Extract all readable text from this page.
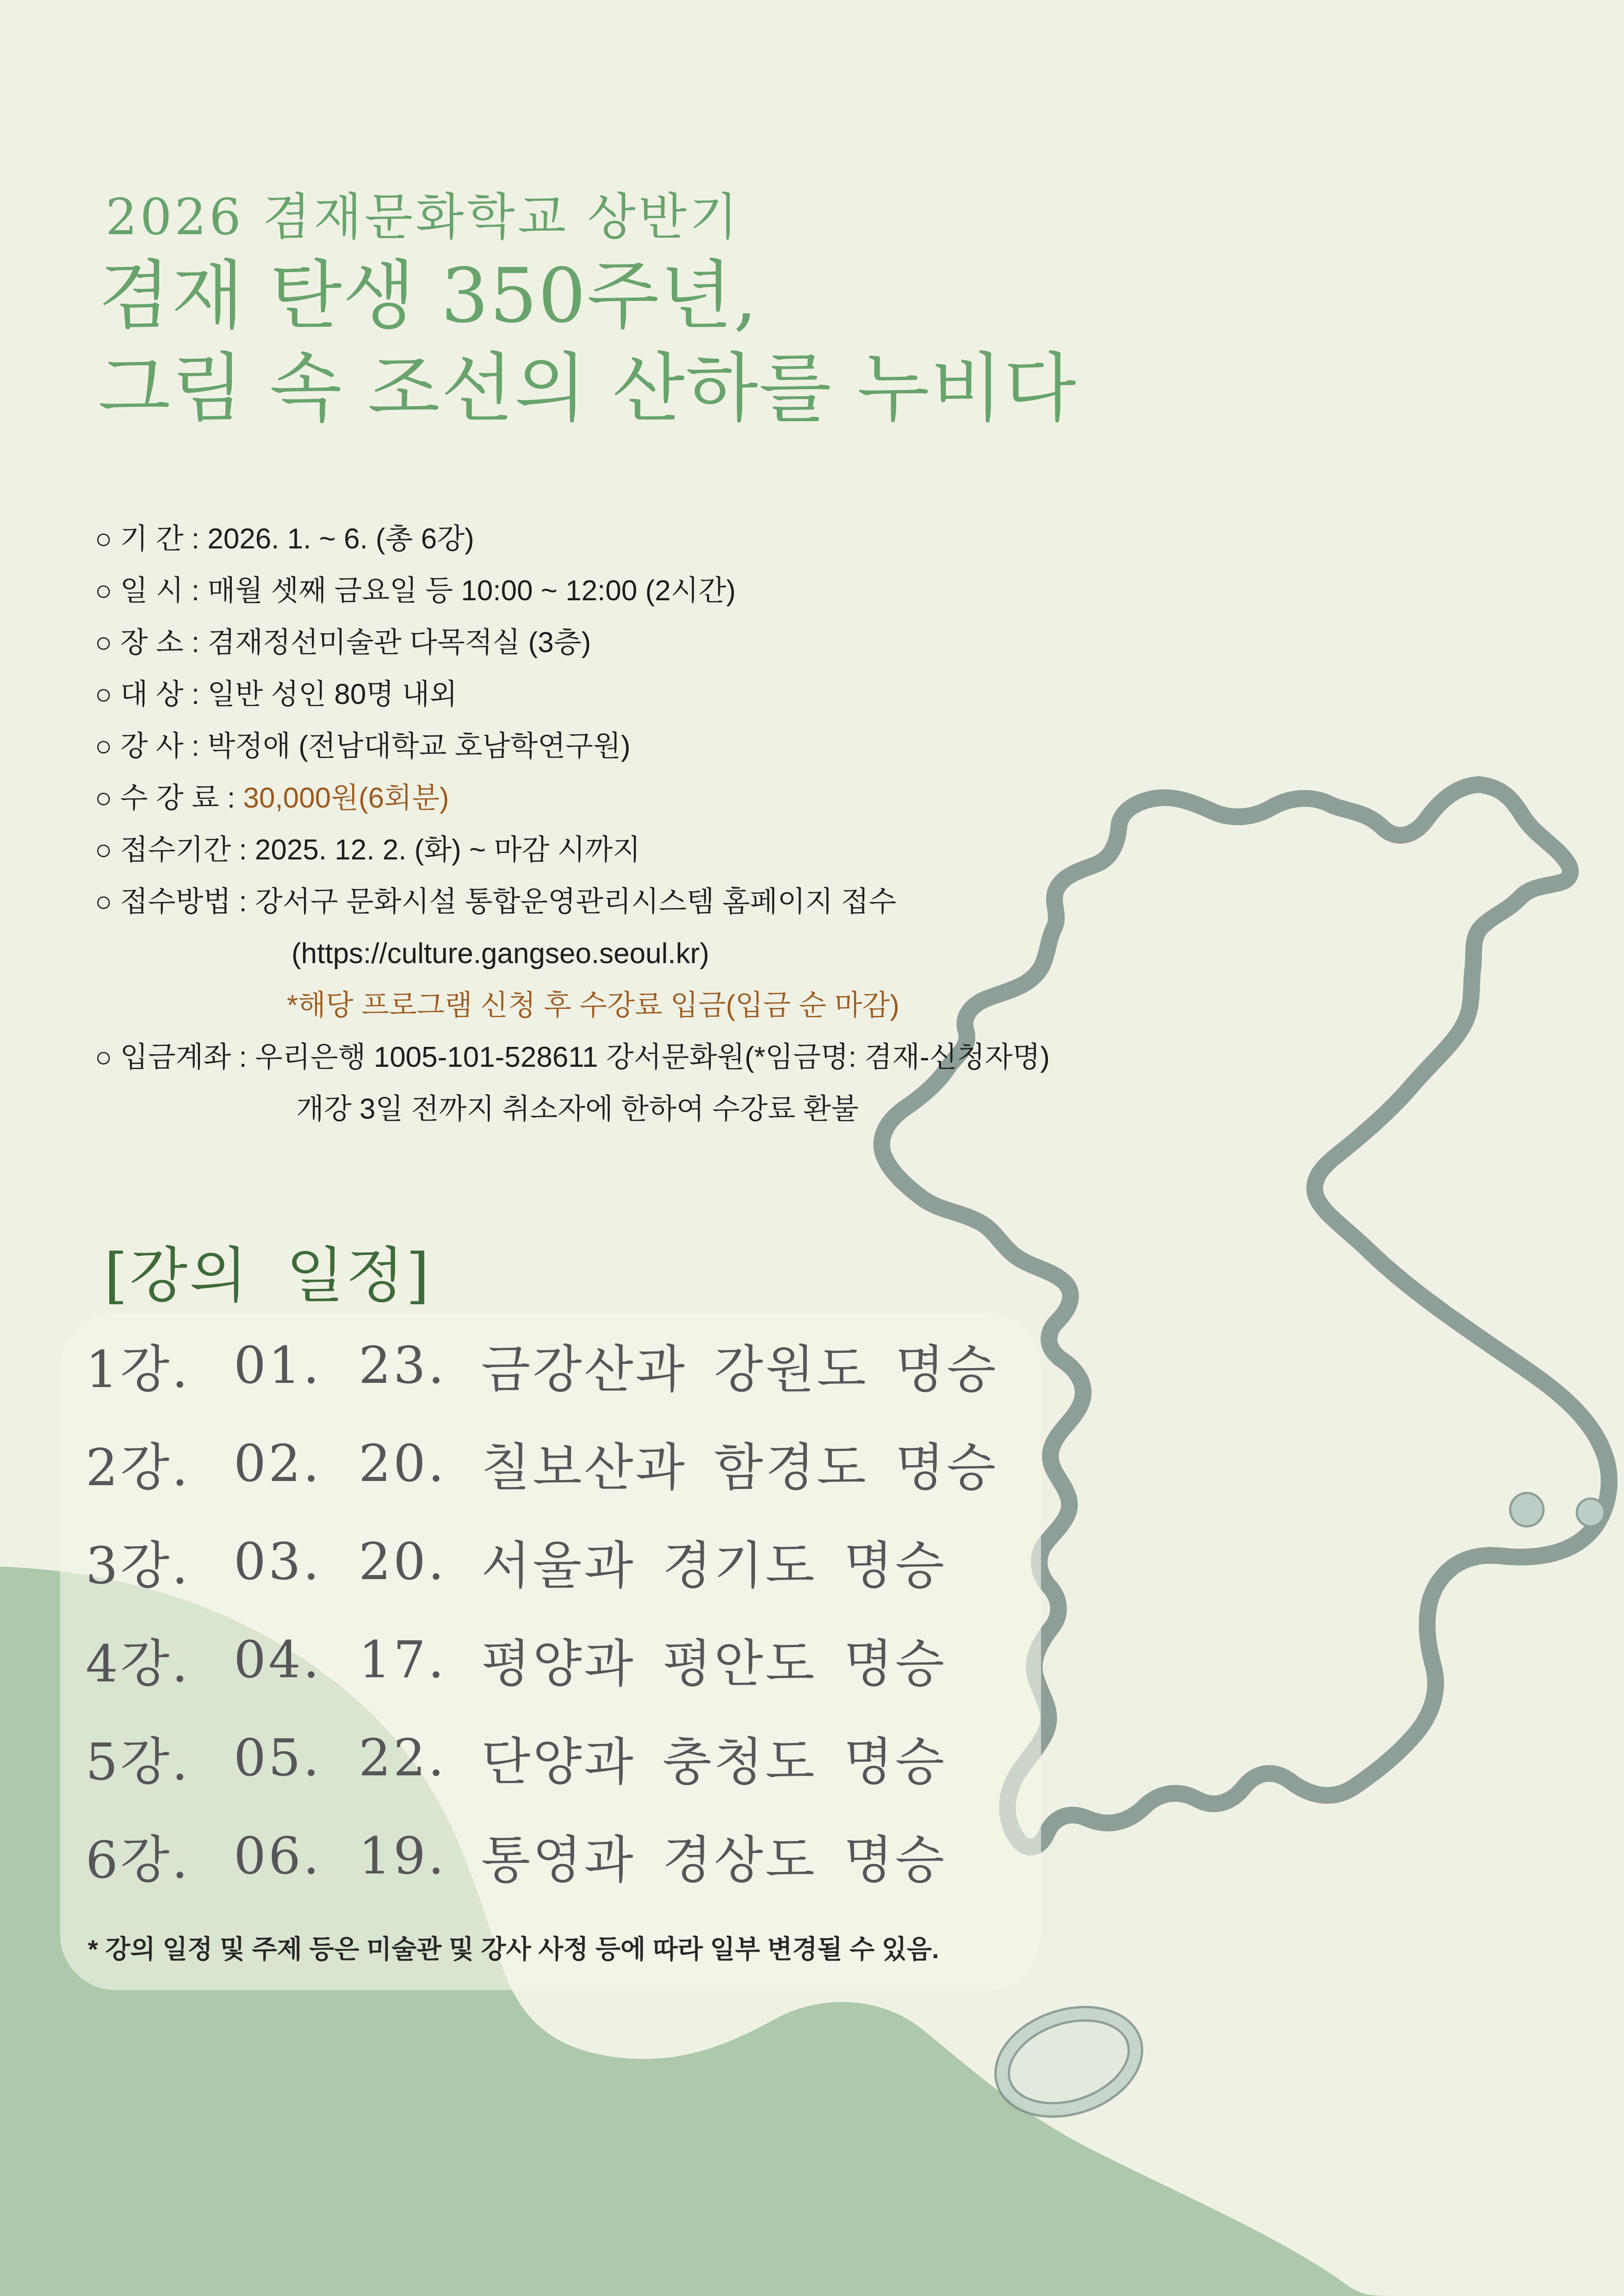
2026 겸재문화학교 상반기
겸재 탄생 350주년,
그림 속 조선의 산하를 누비다
○ 기 간 : 2026. 1. ~ 6. (총 6강)
○ 일 시 : 매월 셋째 금요일 등 10:00 ~ 12:00 (2시간)
○ 장 소 : 겸재정선미술관 다목적실 (3층)
○ 대 상 : 일반 성인 80명 내외
○ 강 사 : 박정애 (전남대학교 호남학연구원)
○ 수 강 료 : 30,000원(6회분)
○ 접수기간 : 2025. 12. 2. (화) ~ 마감 시까지
○ 접수방법 : 강서구 문화시설 통합운영관리시스템 홈페이지 접수
(https://culture.gangseo.seoul.kr)
*해당 프로그램 신청 후 수강료 입금(입금 순 마감)
○ 입금계좌 : 우리은행 1005-101-528611 강서문화원(*임금명: 겸재-신청자명)
개강 3일 전까지 취소자에 한하여 수강료 환불
[강의 일정]
1강. 01. 23. 금강산과 강원도 명승
2강. 02. 20. 칠보산과 함경도 명승
3강. 03. 20. 서울과 경기도 명승
4강. 04. 17. 평양과 평안도 명승
5강. 05. 22. 단양과 충청도 명승
6강. 06. 19. 통영과 경상도 명승
* 강의 일정 및 주제 등은 미술관 및 강사 사정 등에 따라 일부 변경될 수 있음.
